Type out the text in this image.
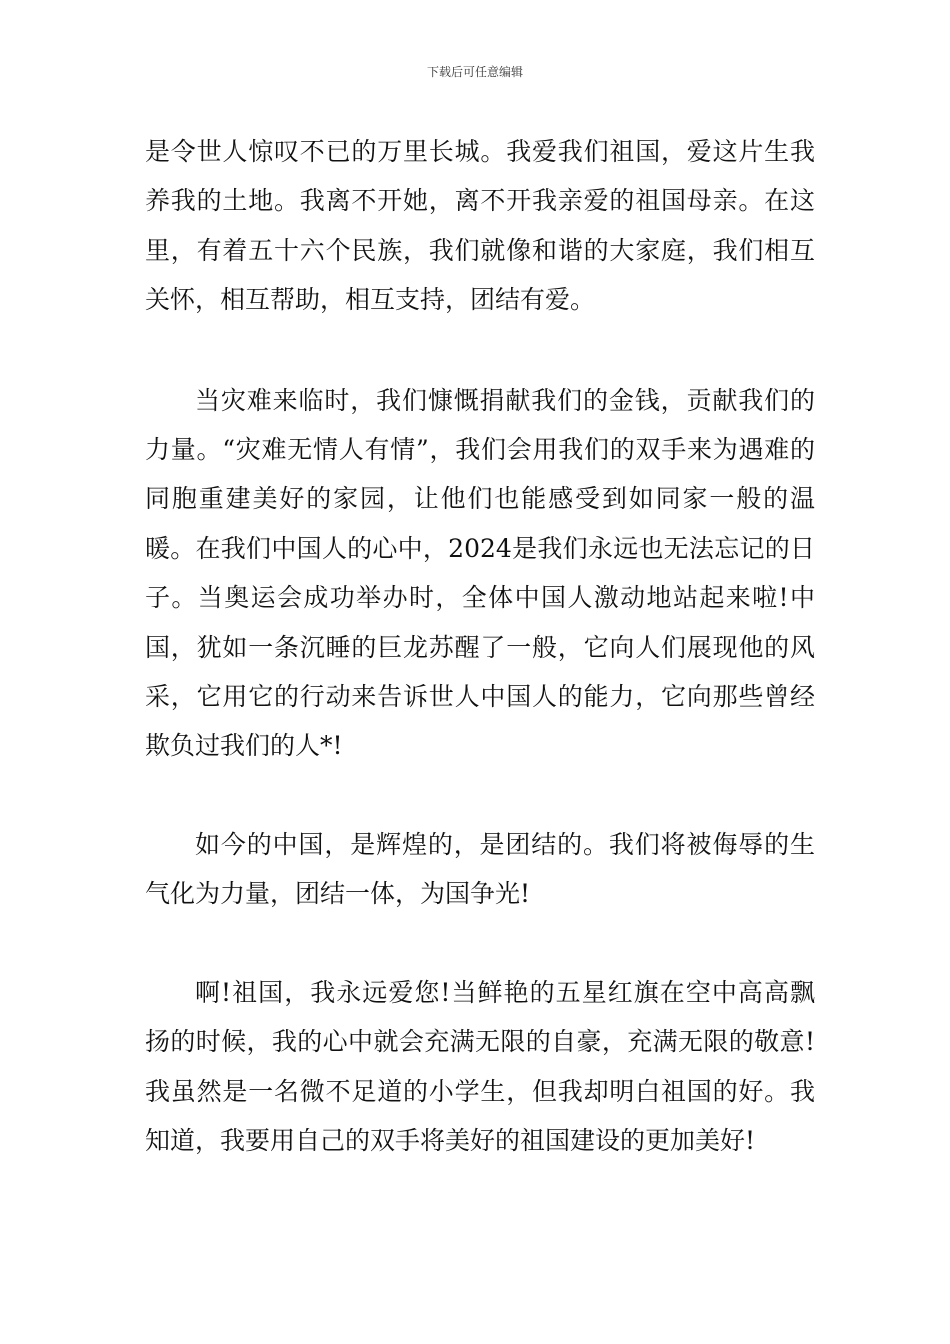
下载后可任意编辑

是令世人惊叹不已的万里长城。我爱我们祖国，爱这片生我养我的土地。我离不开她，离不开我亲爱的祖国母亲。在这里，有着五十六个民族，我们就像和谐的大家庭，我们相互关怀，相互帮助，相互支持，团结有爱。

当灾难来临时，我们慷慨捐献我们的金钱，贡献我们的力量。“灾难无情人有情”，我们会用我们的双手来为遇难的同胞重建美好的家园，让他们也能感受到如同家一般的温暖。在我们中国人的心中，2024是我们永远也无法忘记的日子。当奥运会成功举办时，全体中国人激动地站起来啦!中国，犹如一条沉睡的巨龙苏醒了一般，它向人们展现他的风采，它用它的行动来告诉世人中国人的能力，它向那些曾经欺负过我们的人*!

如今的中国，是辉煌的，是团结的。我们将被侮辱的生气化为力量，团结一体，为国争光!

啊!祖国，我永远爱您!当鲜艳的五星红旗在空中高高飘扬的时候，我的心中就会充满无限的自豪，充满无限的敬意!我虽然是一名微不足道的小学生，但我却明白祖国的好。我知道，我要用自己的双手将美好的祖国建设的更加美好!
